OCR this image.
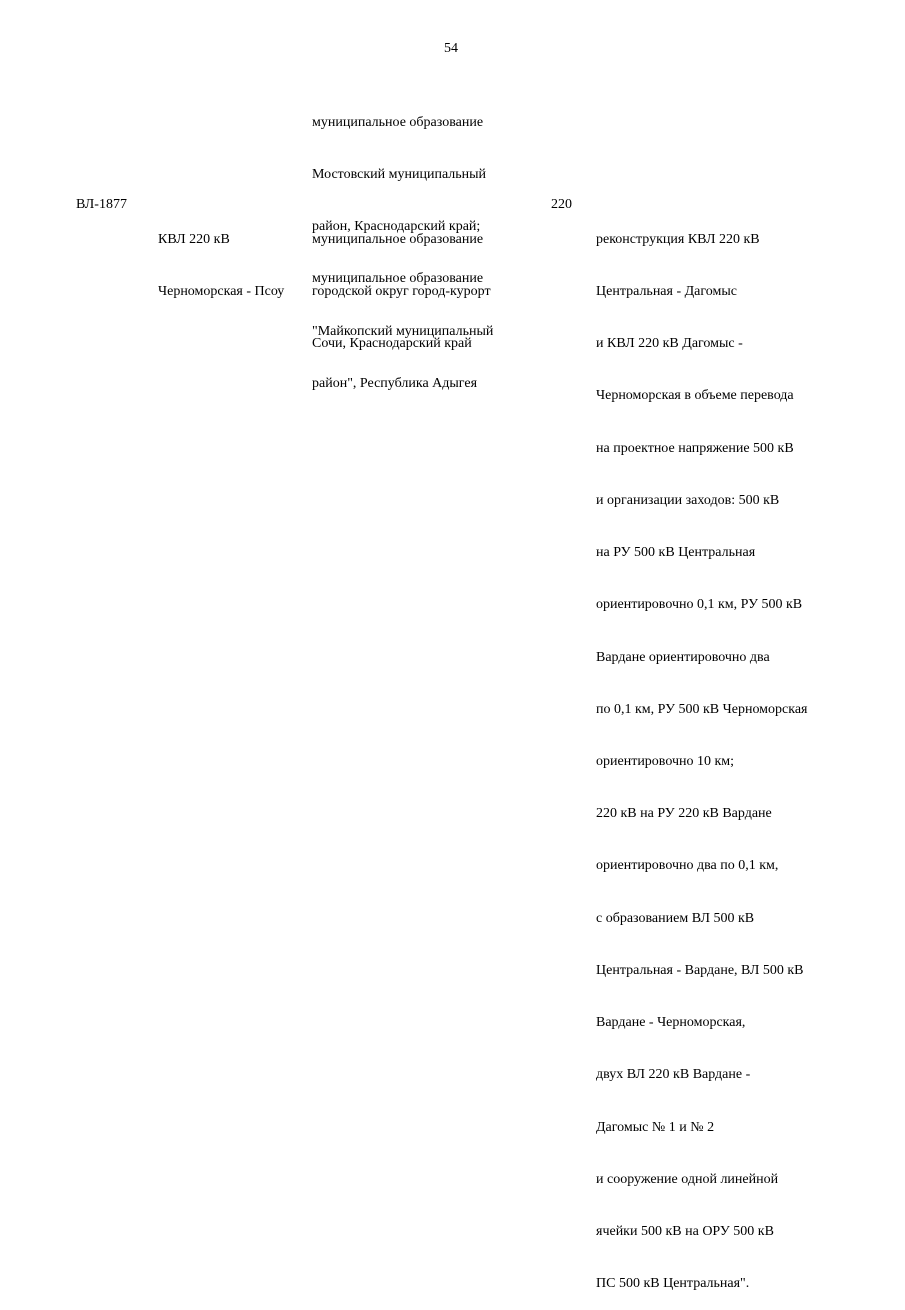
54

муниципальное образование

Мостовский муниципальный

район, Краснодарский край;

муниципальное образование

"Майкопский муниципальный

район", Республика Адыгея

ВЛ-1877

КВЛ 220 кВ

Черноморская - Псоу

муниципальное образование

городской округ город-курорт

Сочи, Краснодарский край

220

реконструкция КВЛ 220 кВ

Центральная - Дагомыс

и КВЛ 220 кВ Дагомыс -

Черноморская в объеме перевода

на проектное напряжение 500 кВ

и организации заходов: 500 кВ

на РУ 500 кВ Центральная

ориентировочно 0,1 км, РУ 500 кВ

Вардане ориентировочно два

по 0,1 км, РУ 500 кВ Черноморская

ориентировочно 10 км;

220 кВ на РУ 220 кВ Вардане

ориентировочно два по 0,1 км,

с образованием ВЛ 500 кВ

Центральная - Вардане, ВЛ 500 кВ

Вардане - Черноморская,

двух ВЛ 220 кВ Вардане -

Дагомыс № 1 и № 2

и сооружение одной линейной

ячейки 500 кВ на ОРУ 500 кВ

ПС 500 кВ Центральная".
